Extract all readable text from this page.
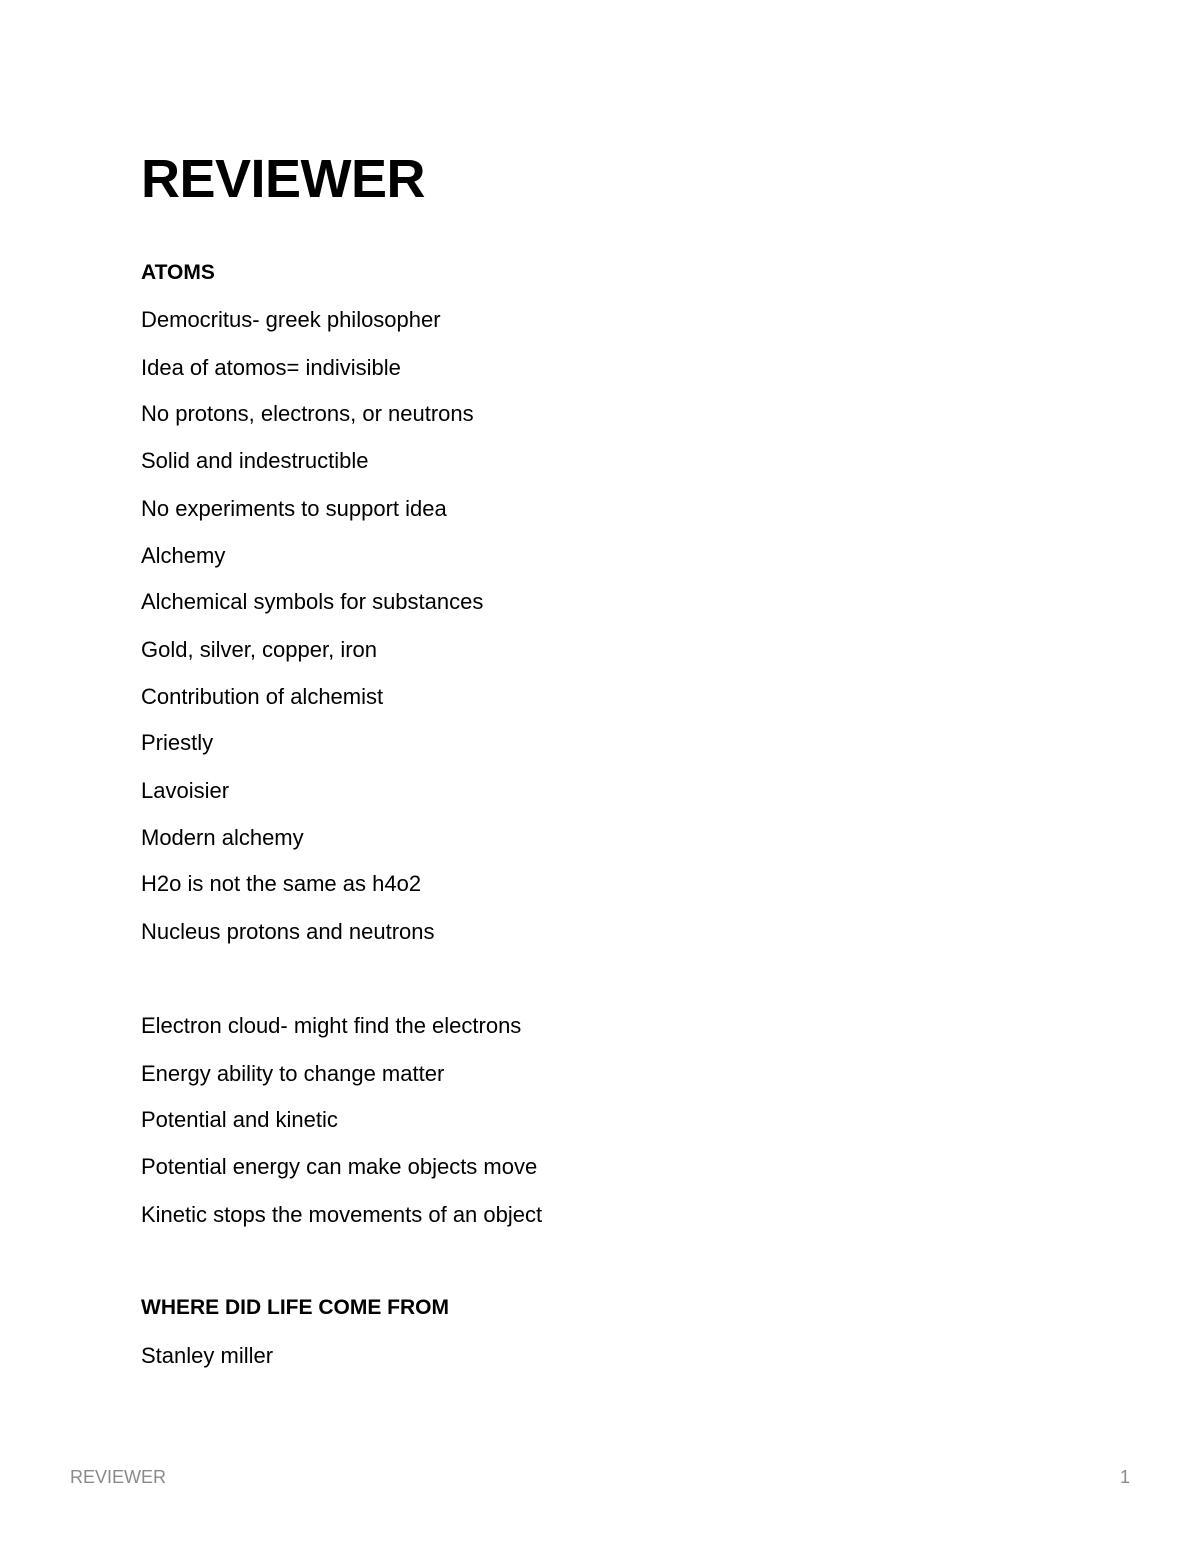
REVIEWER
ATOMS
Democritus- greek philosopher
Idea of atomos= indivisible
No protons, electrons, or neutrons
Solid and indestructible
No experiments to support idea
Alchemy
Alchemical symbols for substances
Gold, silver, copper, iron
Contribution of alchemist
Priestly
Lavoisier
Modern alchemy
H2o is not the same as h4o2
Nucleus protons and neutrons
Electron cloud- might find the electrons
Energy ability to change matter
Potential and kinetic
Potential energy can make objects move
Kinetic stops the movements of an object
WHERE DID LIFE COME FROM
Stanley miller
REVIEWER	1
